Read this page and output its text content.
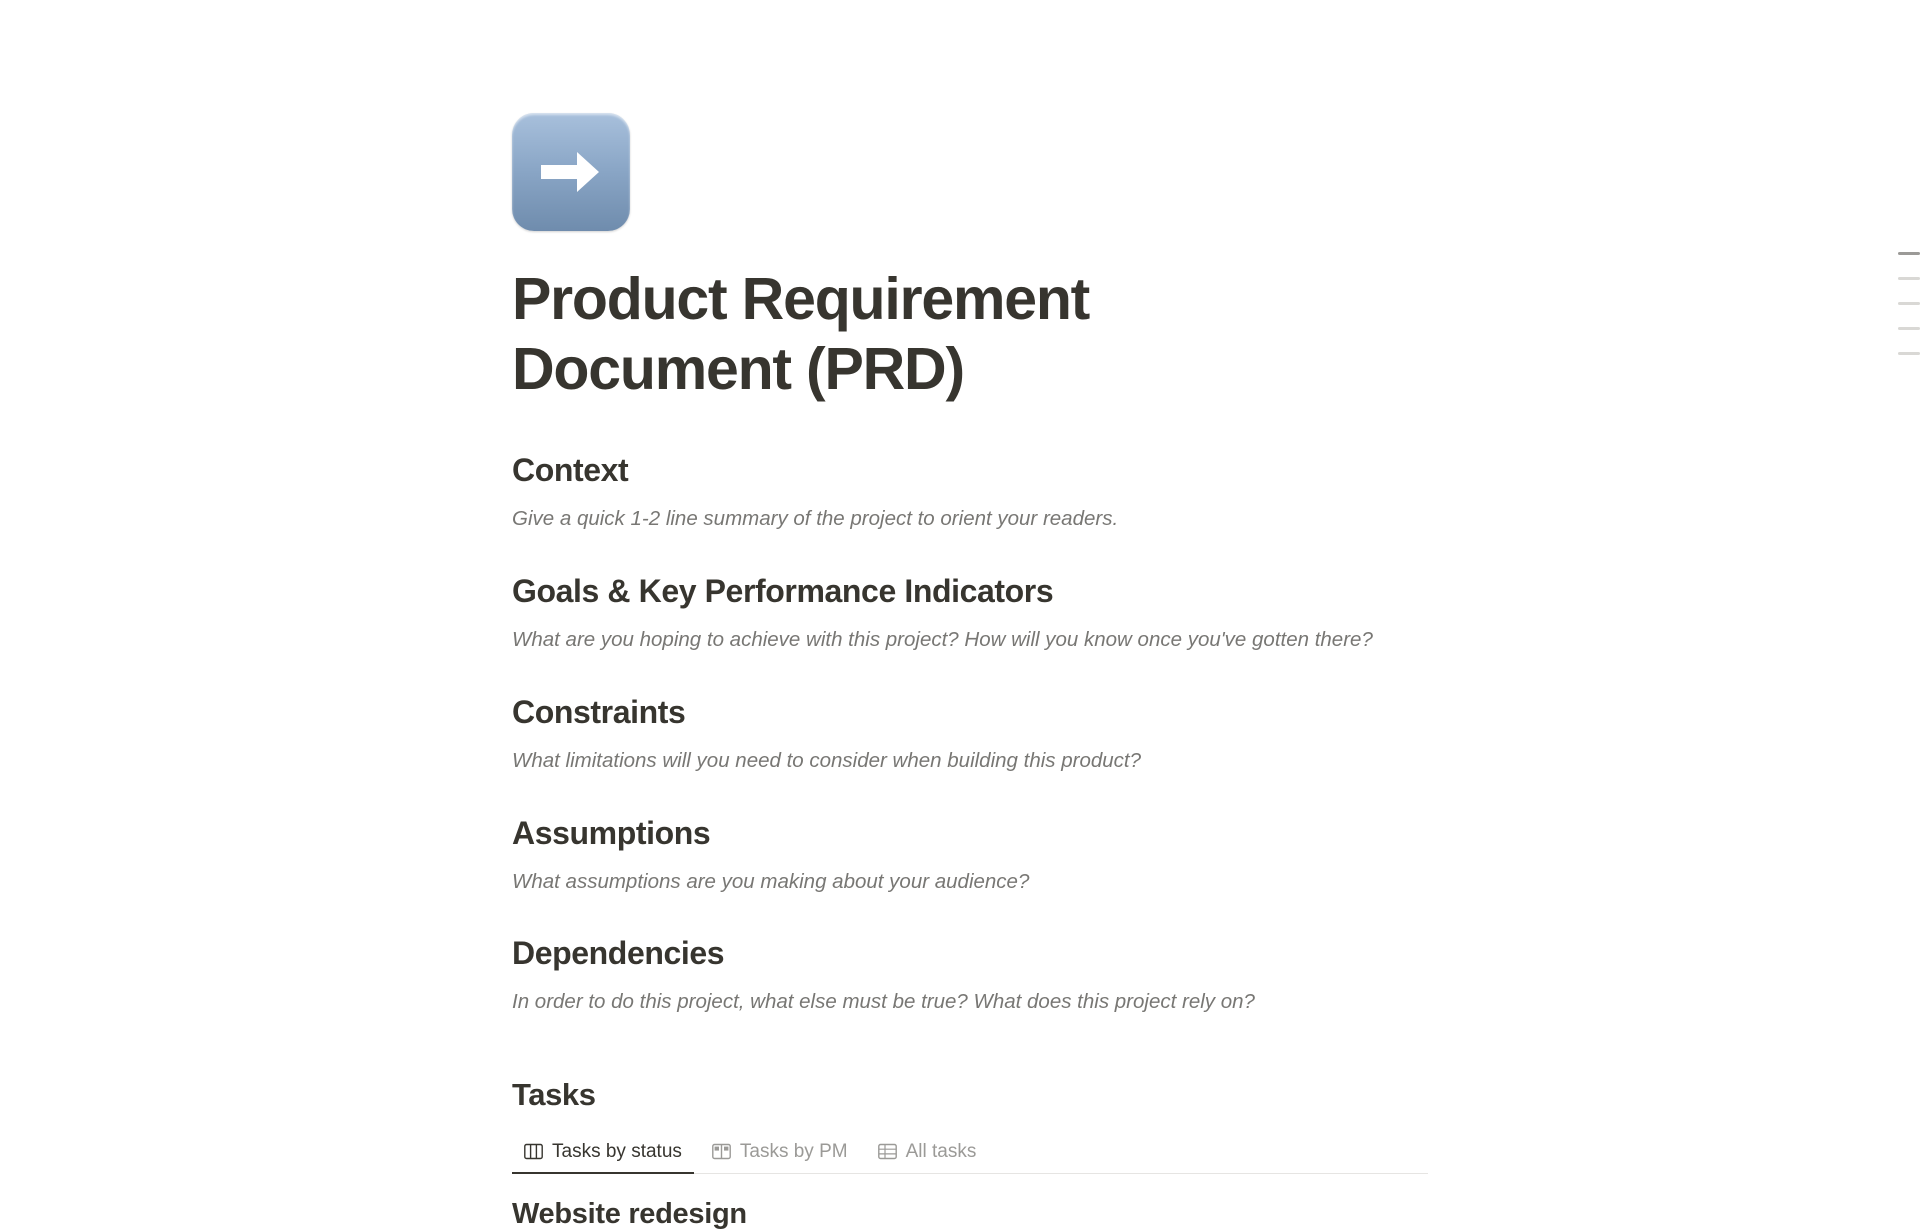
Product Requirement Document (PRD)
Context

Give a quick 1-2 line summary of the project to orient your readers.

Goals & Key Performance Indicators

What are you hoping to achieve with this project? How will you know once you've gotten there?

Constraints

What limitations will you need to consider when building this product?

Assumptions

What assumptions are you making about your audience?

Dependencies

In order to do this project, what else must be true? What does this project rely on?

Tasks
Tasks by status	Tasks by PM	All tasks
Website redesign
